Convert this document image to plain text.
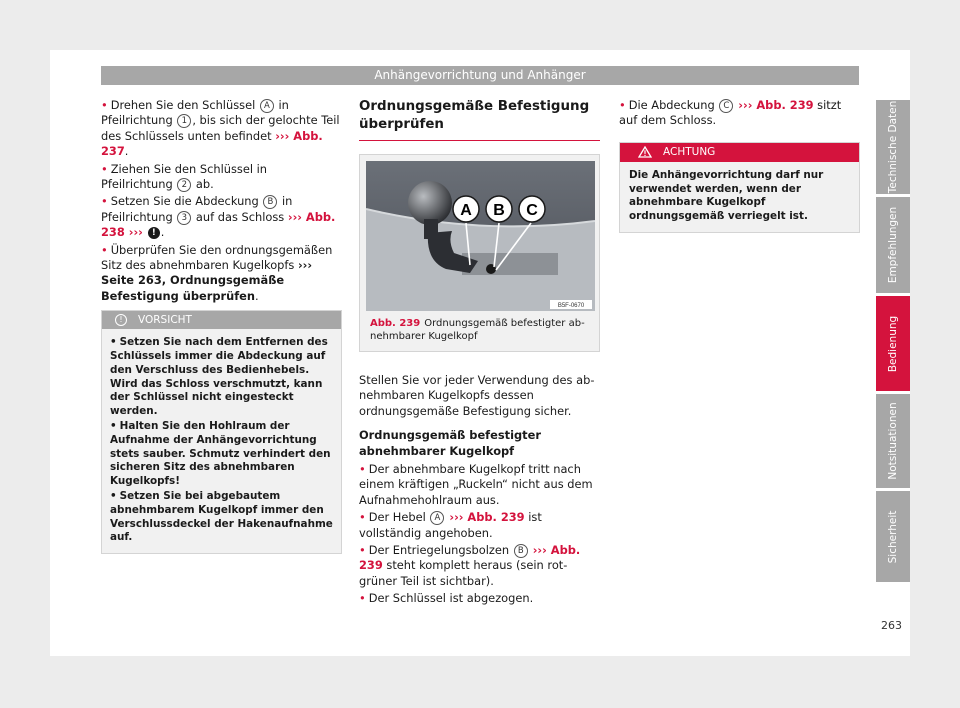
Anhängevorrichtung und Anhänger

• Drehen Sie den Schlüssel A in Pfeilrichtung 1 , bis sich der gelochte Teil des Schlüssels unten befindet ››› Abb. 237.

• Ziehen Sie den Schlüssel in Pfeilrichtung 2 ab.

• Setzen Sie die Abdeckung B in Pfeilrichtung 3 auf das Schloss ››› Abb. 238 ››› ! .

• Überprüfen Sie den ordnungsgemäßen Sitz des abnehmbaren Kugelkopfs ››› Seite 263, Ordnungsgemäße Befestigung überprüfen.

!	VORSICHT

• Setzen Sie nach dem Entfernen des Schlüssels immer die Abdeckung auf den Verschluss des Bedienhebels. Wird das Schloss verschmutzt, kann der Schlüssel nicht eingesteckt werden.

• Halten Sie den Hohlraum der Aufnahme der Anhängevorrichtung stets sauber. Schmutz verhindert den sicheren Sitz des abnehmbaren Kugelkopfs!

• Setzen Sie bei abgebautem abnehmbarem Kugelkopf immer den Verschlussdeckel der Hakenaufnahme auf.

Ordnungsgemäße Befestigung überprüfen
A B C
B5F-0670
Abb. 239 Ordnungsgemäß befestigter abnehmbarer Kugelkopf

Stellen Sie vor jeder Verwendung des abnehmbaren Kugelkopfs dessen ordnungsgemäße Befestigung sicher.

Ordnungsgemäß befestigter abnehmbarer Kugelkopf

• Der abnehmbare Kugelkopf tritt nach einem kräftigen „Ruckeln“ nicht aus dem Aufnahmehohlraum aus.

• Der Hebel A ››› Abb. 239 ist vollständig angehoben.

• Der Entriegelungsbolzen B ››› Abb. 239 steht komplett heraus (sein rot-grüner Teil ist sichtbar).

• Der Schlüssel ist abgezogen.

• Die Abdeckung C ››› Abb. 239 sitzt auf dem Schloss.

ACHTUNG
Die Anhängevorrichtung darf nur verwendet werden, wenn der abnehmbare Kugelkopf ordnungsgemäß verriegelt ist.
Technische Daten
Empfehlungen
Bedienung
Notsituationen
Sicherheit
263
